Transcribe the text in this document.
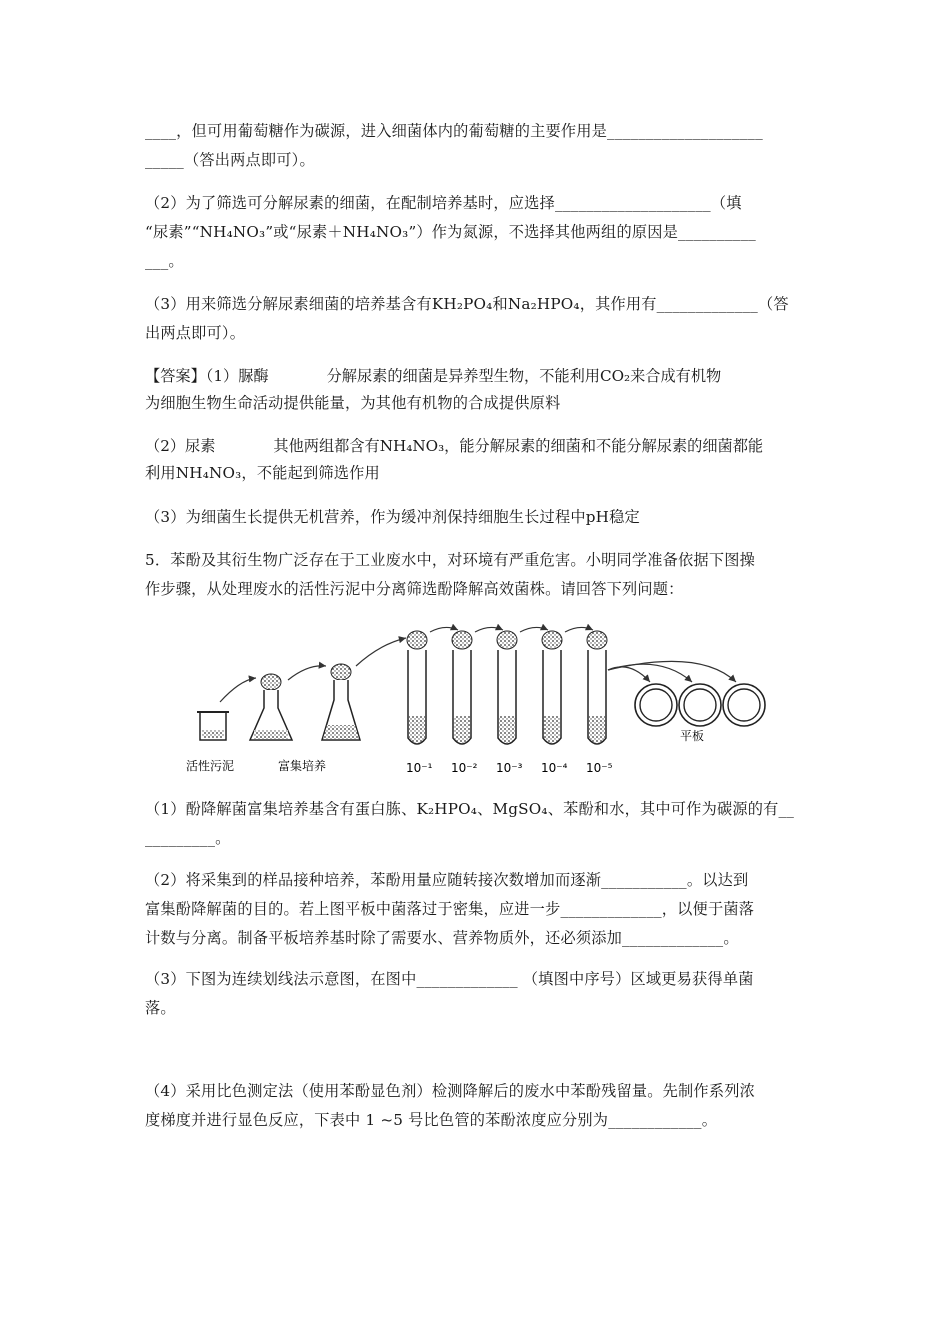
____，但可用葡萄糖作为碳源，进入细菌体内的葡萄糖的主要作用是____________________

_____（答出两点即可）。

（2）为了筛选可分解尿素的细菌，在配制培养基时，应选择____________________（填

“尿素”“NH₄NO₃”或“尿素＋NH₄NO₃”）作为氮源，不选择其他两组的原因是__________

___。

（3）用来筛选分解尿素细菌的培养基含有KH₂PO₄和Na₂HPO₄，其作用有_____________（答

出两点即可）。

【答案】（1）脲酶	分解尿素的细菌是异养型生物，不能利用CO₂来合成有机物

为细胞生物生命活动提供能量，为其他有机物的合成提供原料

（2）尿素	其他两组都含有NH₄NO₃，能分解尿素的细菌和不能分解尿素的细菌都能

利用NH₄NO₃，不能起到筛选作用

（3）为细菌生长提供无机营养，作为缓冲剂保持细胞生长过程中pH稳定

5．苯酚及其衍生物广泛存在于工业废水中，对环境有严重危害。小明同学准备依据下图操

作步骤，从处理废水的活性污泥中分离筛选酚降解高效菌株。请回答下列问题：

活性污泥	富集培养	10⁻¹ 10⁻² 10⁻³ 10⁻⁴ 10⁻⁵
平板

（1）酚降解菌富集培养基含有蛋白胨、K₂HPO₄、MgSO₄、苯酚和水，其中可作为碳源的有__

_________。

（2）将采集到的样品接种培养，苯酚用量应随转接次数增加而逐渐___________。以达到

富集酚降解菌的目的。若上图平板中菌落过于密集，应进一步_____________，以便于菌落

计数与分离。制备平板培养基时除了需要水、营养物质外，还必须添加_____________。

（3）下图为连续划线法示意图，在图中_____________ （填图中序号）区域更易获得单菌

落。

（4）采用比色测定法（使用苯酚显色剂）检测降解后的废水中苯酚残留量。先制作系列浓

度梯度并进行显色反应，下表中 1 ~5 号比色管的苯酚浓度应分别为____________。
